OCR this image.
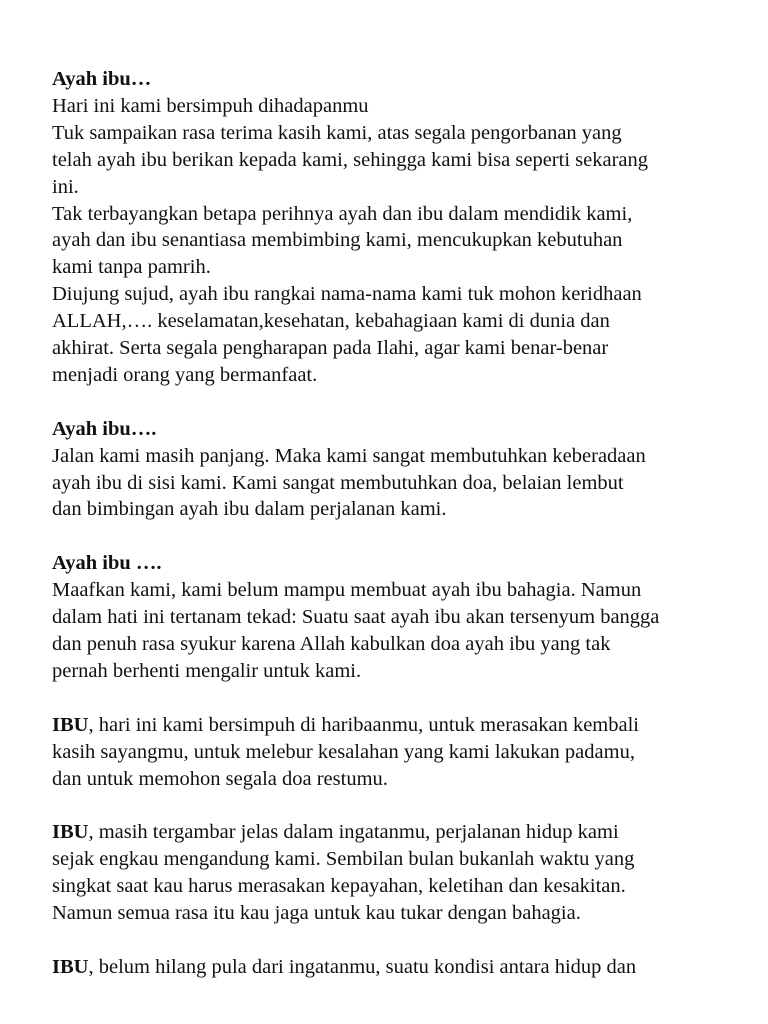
Ayah ibu…
Hari ini kami bersimpuh dihadapanmu
Tuk sampaikan rasa terima kasih kami, atas segala pengorbanan yang
telah ayah ibu berikan kepada kami, sehingga kami bisa seperti sekarang
ini.
Tak terbayangkan betapa perihnya ayah dan ibu dalam mendidik kami,
ayah dan ibu senantiasa membimbing kami, mencukupkan kebutuhan
kami tanpa pamrih.
Diujung sujud, ayah ibu rangkai nama-nama kami tuk mohon keridhaan
ALLAH,…. keselamatan,kesehatan, kebahagiaan kami di dunia dan
akhirat. Serta segala pengharapan pada Ilahi, agar kami benar-benar
menjadi orang yang bermanfaat.
Ayah ibu….
Jalan kami masih panjang. Maka kami sangat membutuhkan keberadaan
ayah ibu di sisi kami. Kami sangat membutuhkan doa, belaian lembut
dan bimbingan ayah ibu dalam perjalanan kami.
Ayah ibu ….
Maafkan kami, kami belum mampu membuat ayah ibu bahagia. Namun
dalam hati ini tertanam tekad: Suatu saat ayah ibu akan tersenyum bangga
dan penuh rasa syukur karena Allah kabulkan doa ayah ibu yang tak
pernah berhenti mengalir untuk kami.
IBU, hari ini kami bersimpuh di haribaanmu, untuk merasakan kembali
kasih sayangmu, untuk melebur kesalahan yang kami lakukan padamu,
dan untuk memohon segala doa restumu.
IBU, masih tergambar jelas dalam ingatanmu, perjalanan hidup kami
sejak engkau mengandung kami. Sembilan bulan bukanlah waktu yang
singkat saat kau harus merasakan kepayahan, keletihan dan kesakitan.
Namun semua rasa itu kau jaga untuk kau tukar dengan bahagia.
IBU, belum hilang pula dari ingatanmu, suatu kondisi antara hidup dan
